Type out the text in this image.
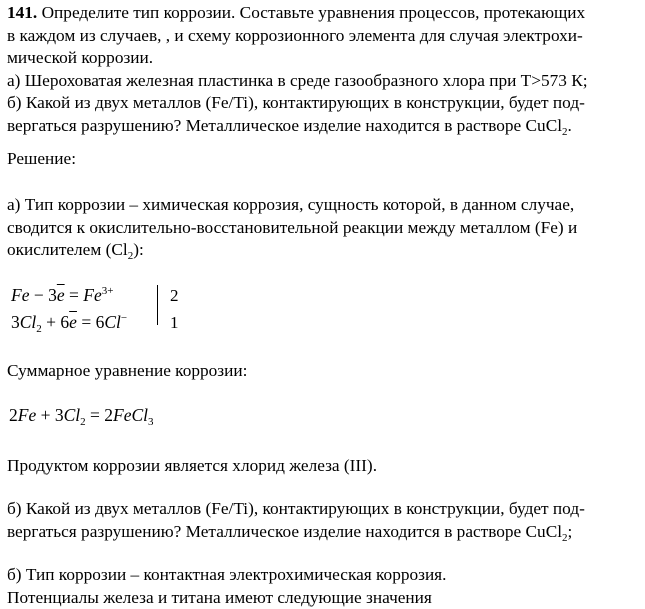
141. Определите тип коррозии. Составьте уравнения процессов, протекающих
в каждом из случаев, , и схему коррозионного элемента для случая электрохи-
мической коррозии.
а) Шероховатая железная пластинка в среде газообразного хлора при Т>573 К;
б) Какой из двух металлов (Fe/Ti), контактирующих в конструкции, будет под-
вергаться разрушению? Металлическое изделие находится в растворе CuCl$_2$.
Решение:
а) Тип коррозии – химическая коррозия, сущность которой, в данном случае,
сводится к окислительно-восстановительной реакции между металлом (Fe) и
окислителем $(Cl_2)$:
$Fe - 3\overline{e} = Fe^{3+}$
$3Cl_2 + 6\overline{e} = 6Cl^-$
2
1
Суммарное уравнение коррозии:
$2Fe + 3Cl_2$ = 2FeCl$_3$
Продуктом коррозии является хлорид железа (III).
б) Какой из двух металлов (Fe/Ti), контактирующих в конструкции, будет под-
вергаться разрушению? Металлическое изделие находится в растворе CuCl$_2$;
б) Тип коррозии – контактная электрохимическая коррозия.
Потенциалы железа и титана имеют следующие значения
